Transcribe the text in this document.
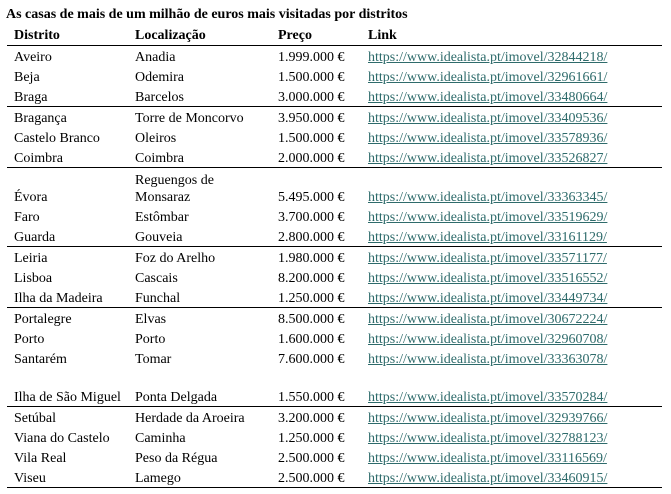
As casas de mais de um milhão de euros mais visitadas por distritos
Distrito	Localização	Preço	Link
Aveiro	Anadia	1.999.000 €	https://www.idealista.pt/imovel/32844218/
Beja	Odemira	1.500.000 €	https://www.idealista.pt/imovel/32961661/
Braga	Barcelos	3.000.000 €	https://www.idealista.pt/imovel/33480664/
Bragança	Torre de Moncorvo	3.950.000 €	https://www.idealista.pt/imovel/33409536/
Castelo Branco	Oleiros	1.500.000 €	https://www.idealista.pt/imovel/33578936/
Coimbra	Coimbra	2.000.000 €	https://www.idealista.pt/imovel/33526827/
Évora	Reguengos de Monsaraz	5.495.000 €	https://www.idealista.pt/imovel/33363345/
Faro	Estômbar	3.700.000 €	https://www.idealista.pt/imovel/33519629/
Guarda	Gouveia	2.800.000 €	https://www.idealista.pt/imovel/33161129/
Leiria	Foz do Arelho	1.980.000 €	https://www.idealista.pt/imovel/33571177/
Lisboa	Cascais	8.200.000 €	https://www.idealista.pt/imovel/33516552/
Ilha da Madeira	Funchal	1.250.000 €	https://www.idealista.pt/imovel/33449734/
Portalegre	Elvas	8.500.000 €	https://www.idealista.pt/imovel/30672224/
Porto	Porto	1.600.000 €	https://www.idealista.pt/imovel/32960708/
Santarém	Tomar	7.600.000 €	https://www.idealista.pt/imovel/33363078/
Ilha de São Miguel	Ponta Delgada	1.550.000 €	https://www.idealista.pt/imovel/33570284/
Setúbal	Herdade da Aroeira	3.200.000 €	https://www.idealista.pt/imovel/32939766/
Viana do Castelo	Caminha	1.250.000 €	https://www.idealista.pt/imovel/32788123/
Vila Real	Peso da Régua	2.500.000 €	https://www.idealista.pt/imovel/33116569/
Viseu	Lamego	2.500.000 €	https://www.idealista.pt/imovel/33460915/
